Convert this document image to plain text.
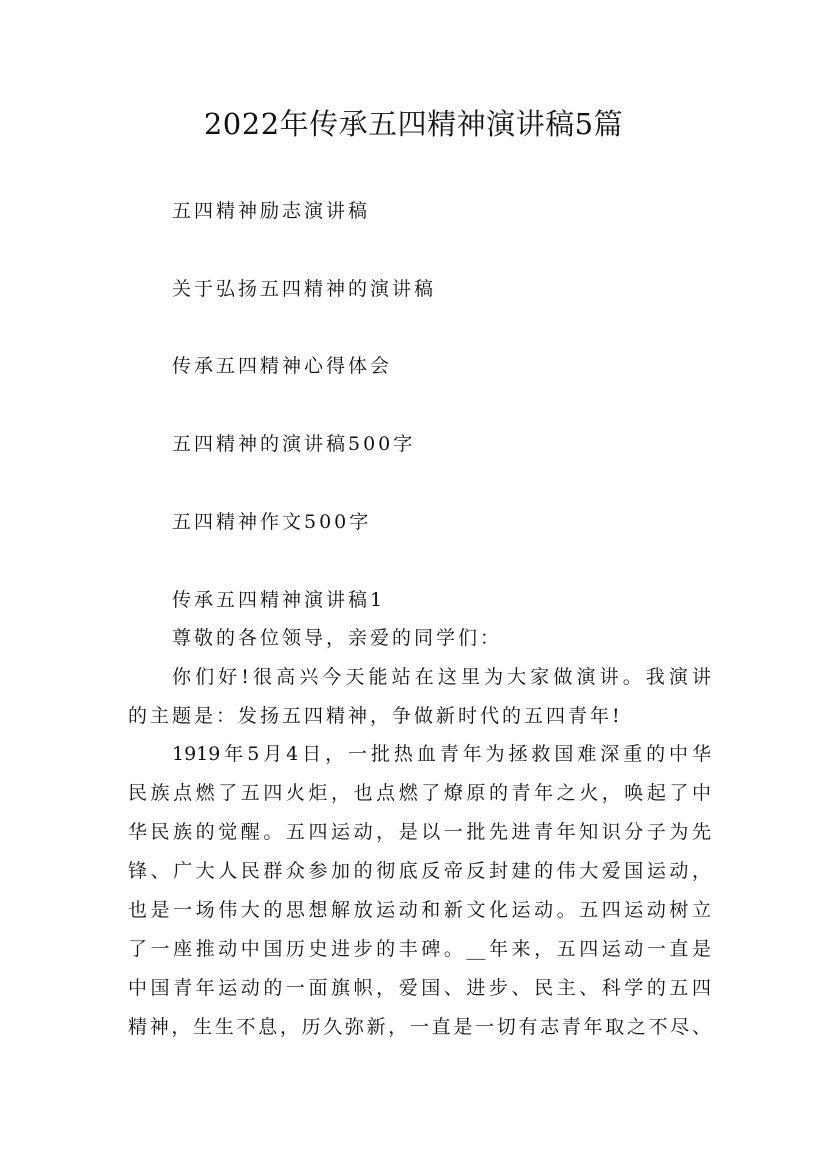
2022年传承五四精神演讲稿5篇
五四精神励志演讲稿
关于弘扬五四精神的演讲稿
传承五四精神心得体会
五四精神的演讲稿500字
五四精神作文500字
传承五四精神演讲稿1
尊敬的各位领导，亲爱的同学们：
你们好!很高兴今天能站在这里为大家做演讲。我演讲
的主题是：发扬五四精神，争做新时代的五四青年!
1919年5月4日，一批热血青年为拯救国难深重的中华
民族点燃了五四火炬，也点燃了燎原的青年之火，唤起了中
华民族的觉醒。五四运动，是以一批先进青年知识分子为先
锋、广大人民群众参加的彻底反帝反封建的伟大爱国运动，
也是一场伟大的思想解放运动和新文化运动。五四运动树立
了一座推动中国历史进步的丰碑。__年来，五四运动一直是
中国青年运动的一面旗帜，爱国、进步、民主、科学的五四
精神，生生不息，历久弥新，一直是一切有志青年取之不尽、
